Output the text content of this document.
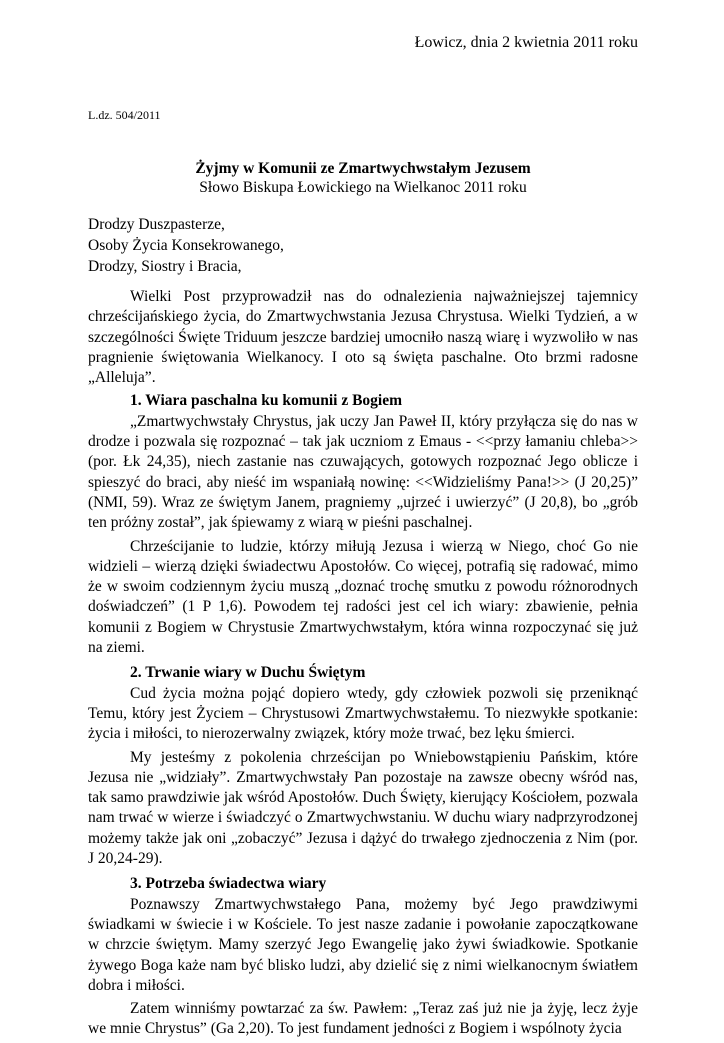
Łowicz, dnia 2 kwietnia 2011 roku
L.dz. 504/2011
Żyjmy w Komunii ze Zmartwychwstałym Jezusem
Słowo Biskupa Łowickiego na Wielkanoc 2011 roku
Drodzy Duszpasterze,
Osoby Życia Konsekrowanego,
Drodzy, Siostry i Bracia,

Wielki Post przyprowadził nas do odnalezienia najważniejszej tajemnicy chrześcijańskiego życia, do Zmartwychwstania Jezusa Chrystusa. Wielki Tydzień, a w szczególności Święte Triduum jeszcze bardziej umocniło naszą wiarę i wyzwoliło w nas pragnienie świętowania Wielkanocy. I oto są święta paschalne. Oto brzmi radosne „Alleluja”.

1. Wiara paschalna ku komunii z Bogiem

„Zmartwychwstały Chrystus, jak uczy Jan Paweł II, który przyłącza się do nas w drodze i pozwala się rozpoznać – tak jak uczniom z Emaus - <<przy łamaniu chleba>> (por. Łk 24,35), niech zastanie nas czuwających, gotowych rozpoznać Jego oblicze i spieszyć do braci, aby nieść im wspaniałą nowinę: <<Widzieliśmy Pana!>> (J 20,25)” (NMI, 59). Wraz ze świętym Janem, pragniemy „ujrzeć i uwierzyć” (J 20,8), bo „grób ten próżny został”, jak śpiewamy z wiarą w pieśni paschalnej.

Chrześcijanie to ludzie, którzy miłują Jezusa i wierzą w Niego, choć Go nie widzieli – wierzą dzięki świadectwu Apostołów. Co więcej, potrafią się radować, mimo że w swoim codziennym życiu muszą „doznać trochę smutku z powodu różnorodnych doświadczeń” (1 P 1,6). Powodem tej radości jest cel ich wiary: zbawienie, pełnia komunii z Bogiem w Chrystusie Zmartwychwstałym, która winna rozpoczynać się już na ziemi.

2. Trwanie wiary w Duchu Świętym

Cud życia można pojąć dopiero wtedy, gdy człowiek pozwoli się przeniknąć Temu, który jest Życiem – Chrystusowi Zmartwychwstałemu. To niezwykłe spotkanie: życia i miłości, to nierozerwalny związek, który może trwać, bez lęku śmierci.

My jesteśmy z pokolenia chrześcijan po Wniebowstąpieniu Pańskim, które Jezusa nie „widziały”. Zmartwychwstały Pan pozostaje na zawsze obecny wśród nas, tak samo prawdziwie jak wśród Apostołów. Duch Święty, kierujący Kościołem, pozwala nam trwać w wierze i świadczyć o Zmartwychwstaniu. W duchu wiary nadprzyrodzonej możemy także jak oni „zobaczyć” Jezusa i dążyć do trwałego zjednoczenia z Nim (por. J 20,24-29).

3. Potrzeba świadectwa wiary

Poznawszy Zmartwychwstałego Pana, możemy być Jego prawdziwymi świadkami w świecie i w Kościele. To jest nasze zadanie i powołanie zapoczątkowane w chrzcie świętym. Mamy szerzyć Jego Ewangelię jako żywi świadkowie. Spotkanie żywego Boga każe nam być blisko ludzi, aby dzielić się z nimi wielkanocnym światłem dobra i miłości.

Zatem winniśmy powtarzać za św. Pawłem: „Teraz zaś już nie ja żyję, lecz żyje we mnie Chrystus” (Ga 2,20). To jest fundament jedności z Bogiem i wspólnoty życia
